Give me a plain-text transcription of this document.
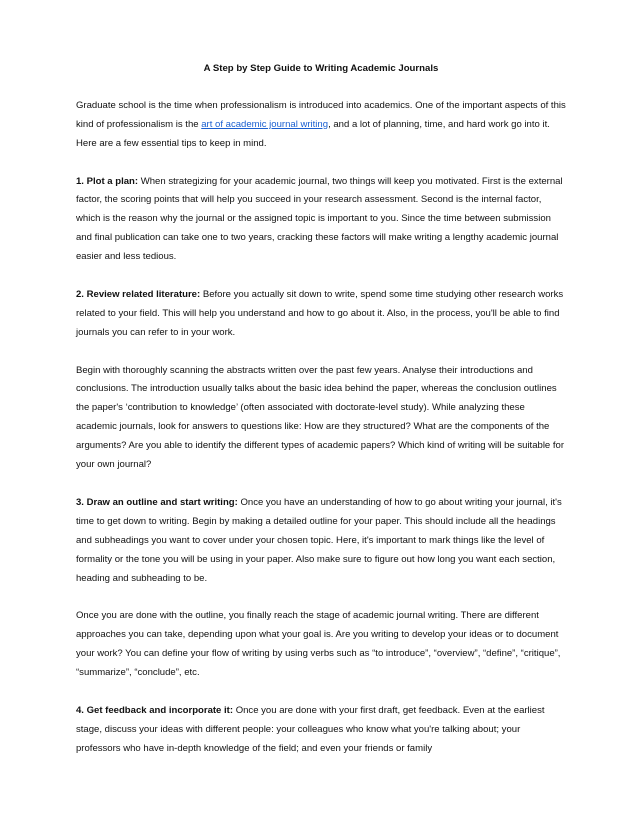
A Step by Step Guide to Writing Academic Journals

Graduate school is the time when professionalism is introduced into academics. One of the important aspects of this kind of professionalism is the art of academic journal writing, and a lot of planning, time, and hard work go into it. Here are a few essential tips to keep in mind.

1. Plot a plan: When strategizing for your academic journal, two things will keep you motivated. First is the external factor, the scoring points that will help you succeed in your research assessment. Second is the internal factor, which is the reason why the journal or the assigned topic is important to you. Since the time between submission and final publication can take one to two years, cracking these factors will make writing a lengthy academic journal easier and less tedious.

2. Review related literature: Before you actually sit down to write, spend some time studying other research works related to your field. This will help you understand and how to go about it. Also, in the process, you'll be able to find journals you can refer to in your work.

Begin with thoroughly scanning the abstracts written over the past few years. Analyse their introductions and conclusions. The introduction usually talks about the basic idea behind the paper, whereas the conclusion outlines the paper's ‘contribution to knowledge’ (often associated with doctorate-level study). While analyzing these academic journals, look for answers to questions like: How are they structured? What are the components of the arguments? Are you able to identify the different types of academic papers? Which kind of writing will be suitable for your own journal?

3. Draw an outline and start writing: Once you have an understanding of how to go about writing your journal, it's time to get down to writing. Begin by making a detailed outline for your paper. This should include all the headings and subheadings you want to cover under your chosen topic. Here, it's important to mark things like the level of formality or the tone you will be using in your paper. Also make sure to figure out how long you want each section, heading and subheading to be.

Once you are done with the outline, you finally reach the stage of academic journal writing. There are different approaches you can take, depending upon what your goal is. Are you writing to develop your ideas or to document your work? You can define your flow of writing by using verbs such as “to introduce”, “overview”, “define”, “critique”, “summarize”, “conclude”, etc.

4. Get feedback and incorporate it: Once you are done with your first draft, get feedback. Even at the earliest stage, discuss your ideas with different people: your colleagues who know what you're talking about; your professors who have in-depth knowledge of the field; and even your friends or family
